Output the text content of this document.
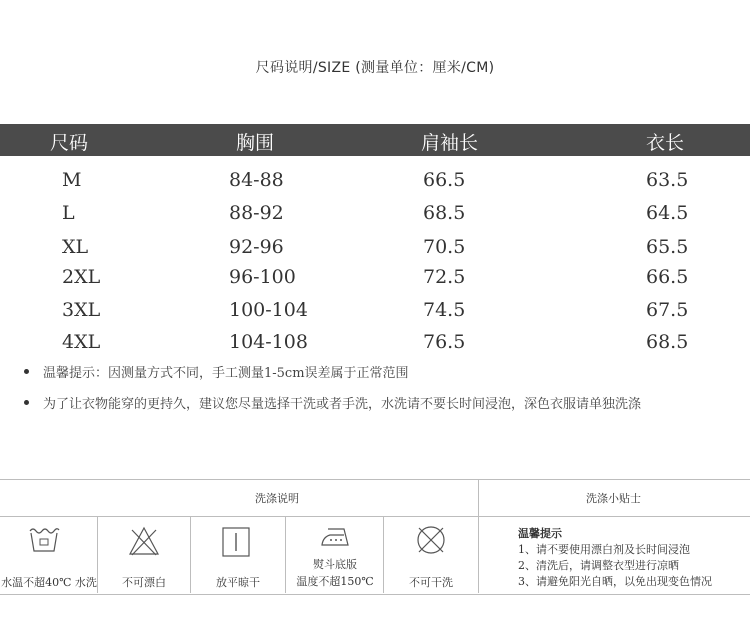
尺码说明/SIZE (测量单位：厘米/CM)
尺码	胸围	肩袖长	衣长
M	84-88	66.5	63.5
L	88-92	68.5	64.5
XL	92-96	70.5	65.5
2XL	96-100	72.5	66.5
3XL	100-104	74.5	67.5
4XL	104-108	76.5	68.5
温馨提示：因测量方式不同，手工测量1-5cm误差属于正常范围
为了让衣物能穿的更持久，建议您尽量选择干洗或者手洗，水洗请不要长时间浸泡，深色衣服请单独洗涤
洗涤说明	洗涤小贴士
水温不超40℃ 水洗	不可漂白	放平晾干
熨斗底版
温度不超150℃	不可干洗
温馨提示
1、请不要使用漂白剂及长时间浸泡
2、清洗后，请调整衣型进行凉晒
3、请避免阳光自晒，以免出现变色情况
